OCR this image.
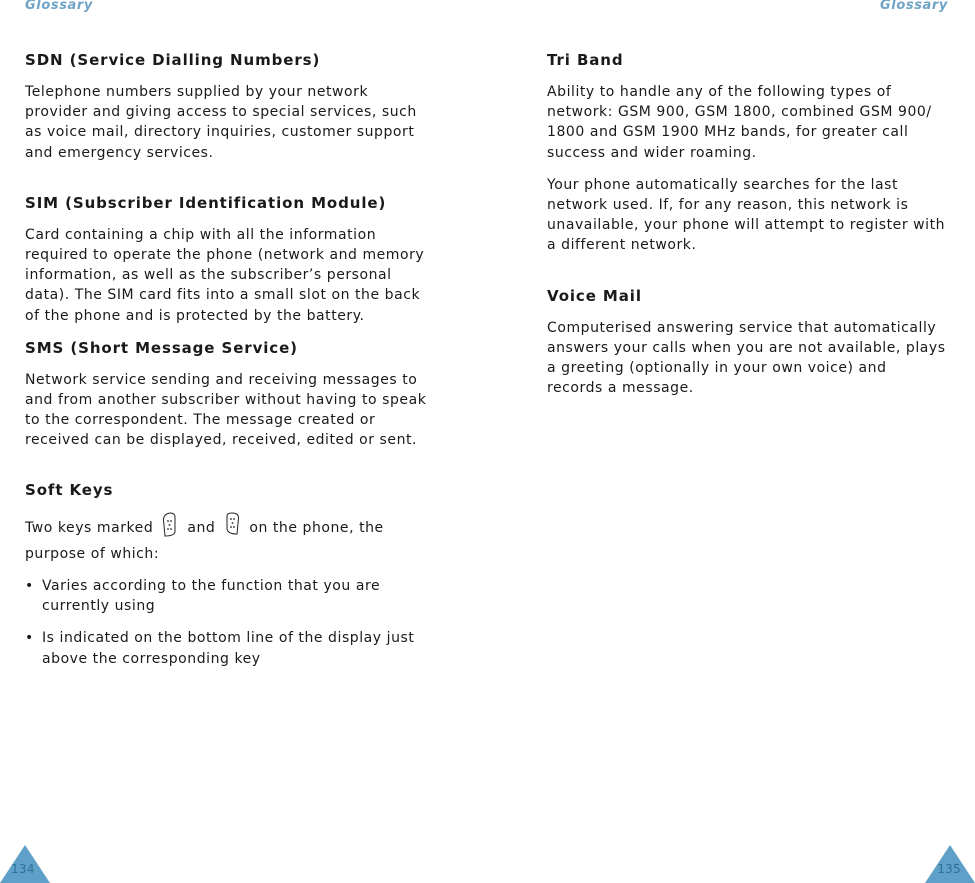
Glossary	Glossary
SDN (Service Dialling Numbers)

Telephone numbers supplied by your network provider and giving access to special services, such as voice mail, directory inquiries, customer support and emergency services.

SIM (Subscriber Identification Module)

Card containing a chip with all the information required to operate the phone (network and memory information, as well as the subscriber’s personal data). The SIM card fits into a small slot on the back of the phone and is protected by the battery.

SMS (Short Message Service)

Network service sending and receiving messages to and from another subscriber without having to speak to the correspondent. The message created or received can be displayed, received, edited or sent.

Soft Keys

Two keys marked and on the phone, the purpose of which:

• Varies according to the function that you are currently using
• Is indicated on the bottom line of the display just above the corresponding key
Tri Band

Ability to handle any of the following types of network: GSM 900, GSM 1800, combined GSM 900/ 1800 and GSM 1900 MHz bands, for greater call success and wider roaming.

Your phone automatically searches for the last network used. If, for any reason, this network is unavailable, your phone will attempt to register with a different network.

Voice Mail

Computerised answering service that automatically answers your calls when you are not available, plays a greeting (optionally in your own voice) and records a message.

134	135
